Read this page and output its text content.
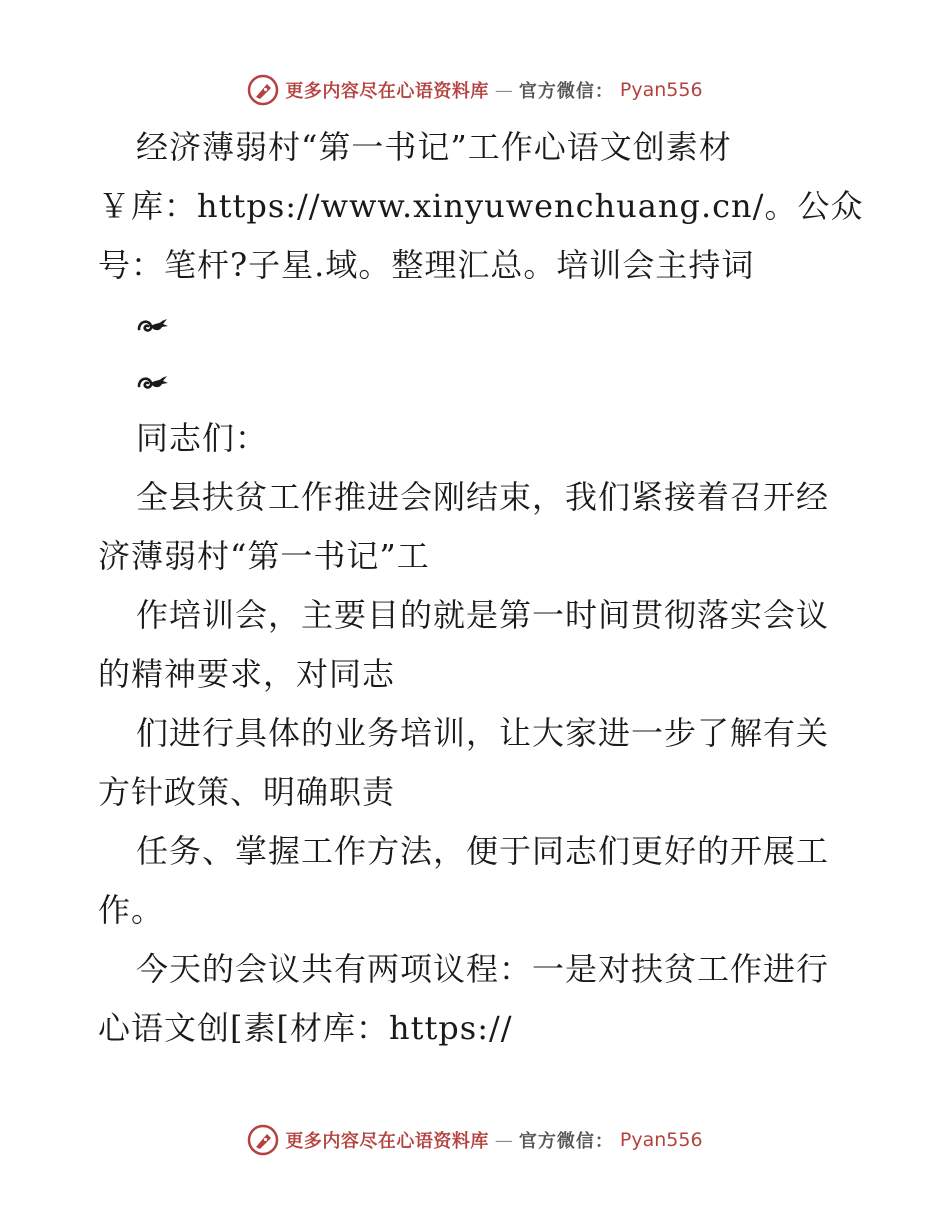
更多内容尽在心语资料库 — 官方微信： Pyan556
经济薄弱村“第一书记”工作心语文创素材
￥库：https://www.xinyuwenchuang.cn/。公众
号：笔杆?子星.域。整理汇总。培训会主持词
同志们：
全县扶贫工作推进会刚结束，我们紧接着召开经
济薄弱村“第一书记”工
作培训会，主要目的就是第一时间贯彻落实会议
的精神要求，对同志
们进行具体的业务培训，让大家进一步了解有关
方针政策、明确职责
任务、掌握工作方法，便于同志们更好的开展工
作。
今天的会议共有两项议程：一是对扶贫工作进行
心语文创[素[材库：https://
更多内容尽在心语资料库 — 官方微信： Pyan556
